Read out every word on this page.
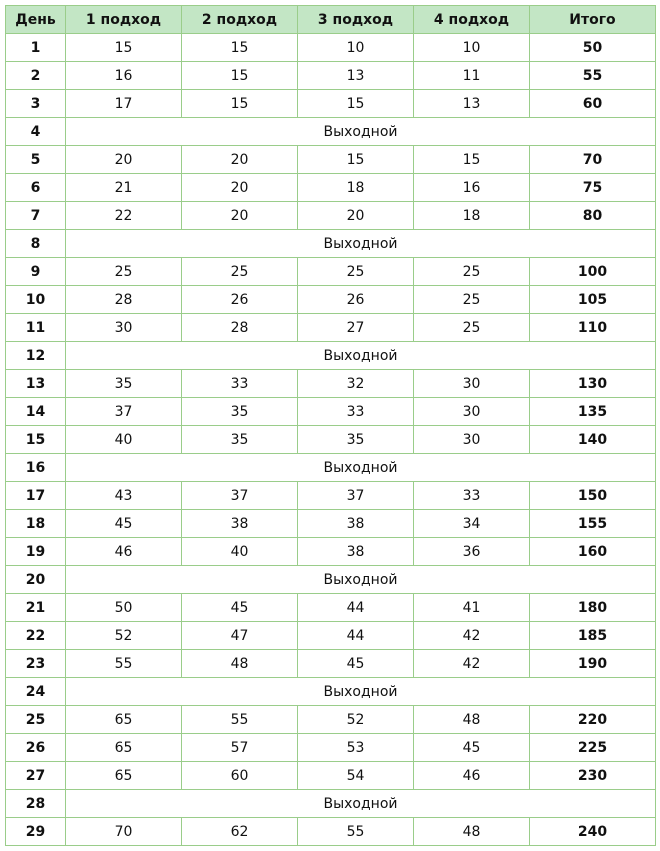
День	1 подход	2 подход	3 подход	4 подход	Итого
1	15	15	10	10	50
2	16	15	13	11	55
3	17	15	15	13	60
4	Выходной				
5	20	20	15	15	70
6	21	20	18	16	75
7	22	20	20	18	80
8	Выходной				
9	25	25	25	25	100
10	28	26	26	25	105
11	30	28	27	25	110
12	Выходной				
13	35	33	32	30	130
14	37	35	33	30	135
15	40	35	35	30	140
16	Выходной				
17	43	37	37	33	150
18	45	38	38	34	155
19	46	40	38	36	160
20	Выходной				
21	50	45	44	41	180
22	52	47	44	42	185
23	55	48	45	42	190
24	Выходной				
25	65	55	52	48	220
26	65	57	53	45	225
27	65	60	54	46	230
28	Выходной				
29	70	62	55	48	240
